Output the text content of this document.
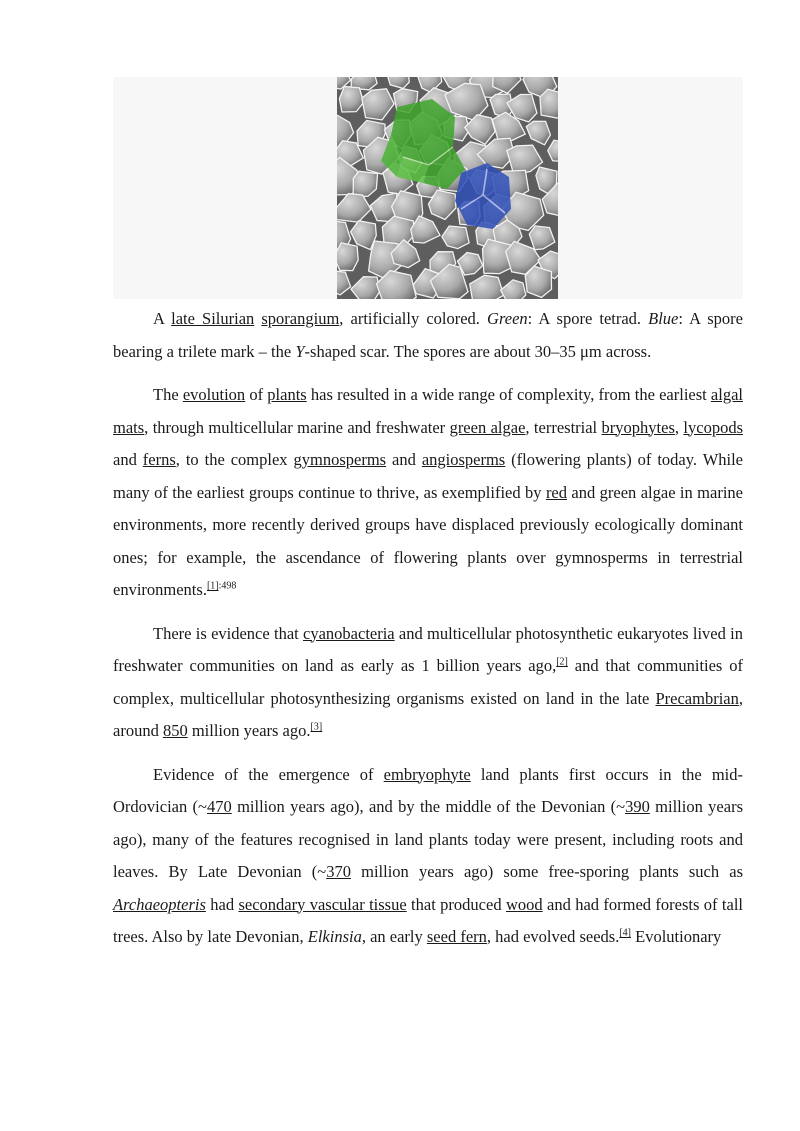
A late Silurian sporangium, artificially colored. Green: A spore tetrad. Blue: A spore bearing a trilete mark – the Y-shaped scar. The spores are about 30–35 μm across.

The evolution of plants has resulted in a wide range of complexity, from the earliest algal mats, through multicellular marine and freshwater green algae, terrestrial bryophytes, lycopods and ferns, to the complex gymnosperms and angiosperms (flowering plants) of today. While many of the earliest groups continue to thrive, as exemplified by red and green algae in marine environments, more recently derived groups have displaced previously ecologically dominant ones; for example, the ascendance of flowering plants over gymnosperms in terrestrial environments.$^{[1]:498}$

There is evidence that cyanobacteria and multicellular photosynthetic eukaryotes lived in freshwater communities on land as early as 1 billion years ago,[2] and that communities of complex, multicellular photosynthesizing organisms existed on land in the late Precambrian, around 850 million years ago.[3]

Evidence of the emergence of embryophyte land plants first occurs in the mid-Ordovician (~470 million years ago), and by the middle of the Devonian (~390 million years ago), many of the features recognised in land plants today were present, including roots and leaves. By Late Devonian (~370 million years ago) some free-sporing plants such as Archaeopteris had secondary vascular tissue that produced wood and had formed forests of tall trees. Also by late Devonian, Elkinsia, an early seed fern, had evolved seeds.[4] Evolutionary
